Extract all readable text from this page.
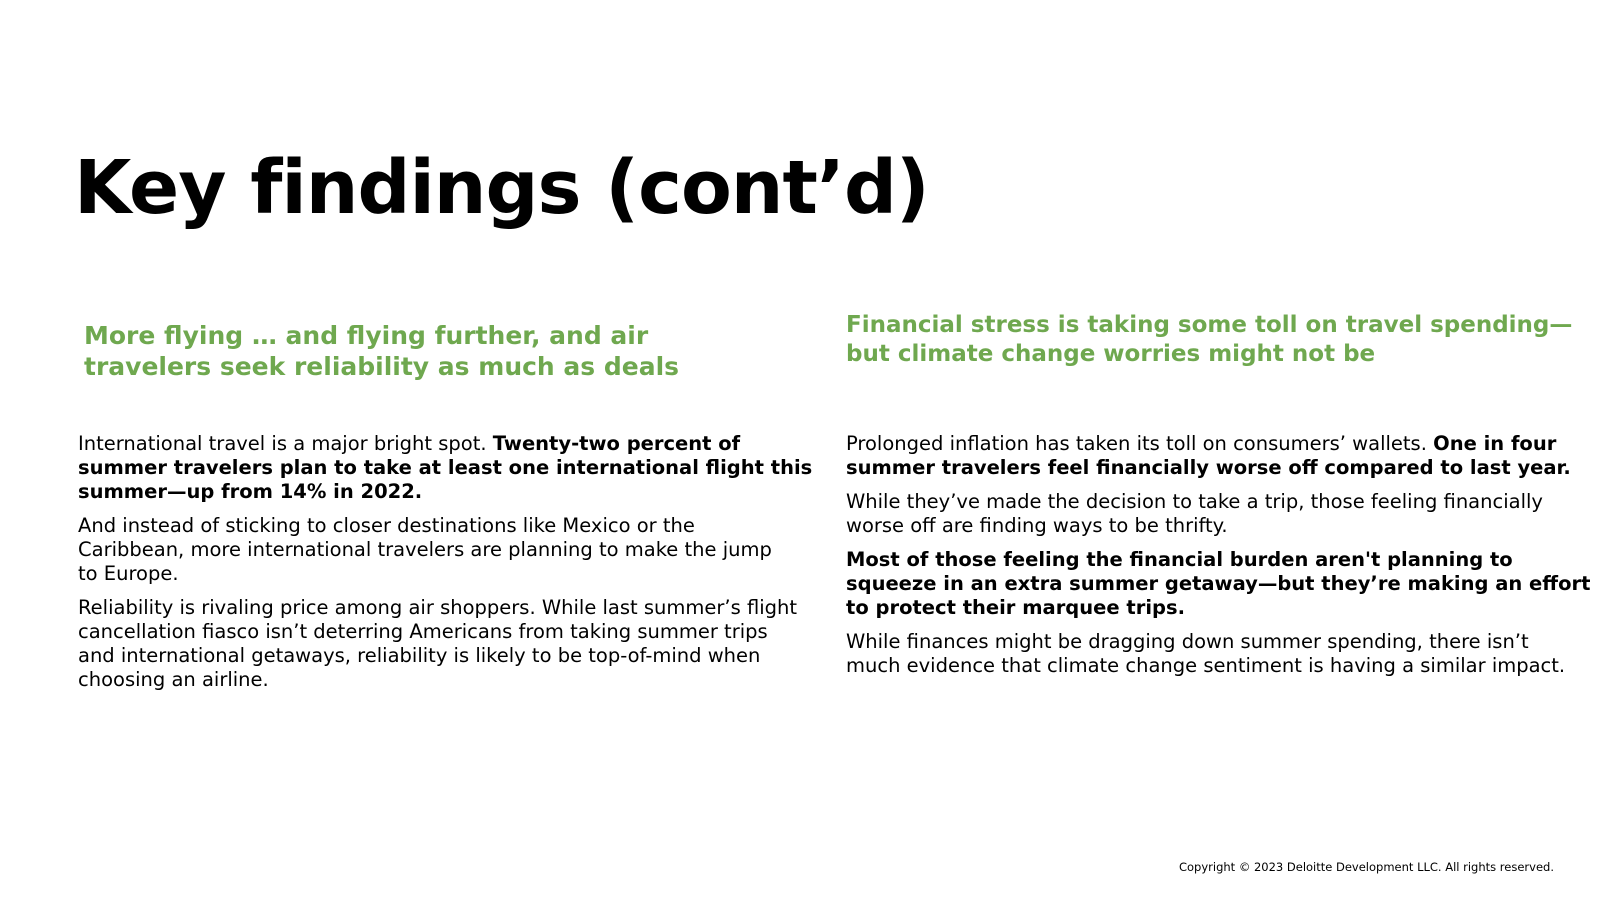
Key findings (cont’d)
More flying … and flying further, and air
travelers seek reliability as much as deals

International travel is a major bright spot. Twenty-two percent of
summer travelers plan to take at least one international flight this
summer—up from 14% in 2022.

And instead of sticking to closer destinations like Mexico or the
Caribbean, more international travelers are planning to make the jump
to Europe.

Reliability is rivaling price among air shoppers. While last summer’s flight
cancellation fiasco isn’t deterring Americans from taking summer trips
and international getaways, reliability is likely to be top-of-mind when
choosing an airline.

Financial stress is taking some toll on travel spending—
but climate change worries might not be

Prolonged inflation has taken its toll on consumers’ wallets. One in four
summer travelers feel financially worse off compared to last year.

While they’ve made the decision to take a trip, those feeling financially
worse off are finding ways to be thrifty.

Most of those feeling the financial burden aren't planning to
squeeze in an extra summer getaway—but they’re making an effort
to protect their marquee trips.

While finances might be dragging down summer spending, there isn’t
much evidence that climate change sentiment is having a similar impact.

Copyright © 2023 Deloitte Development LLC. All rights reserved.
